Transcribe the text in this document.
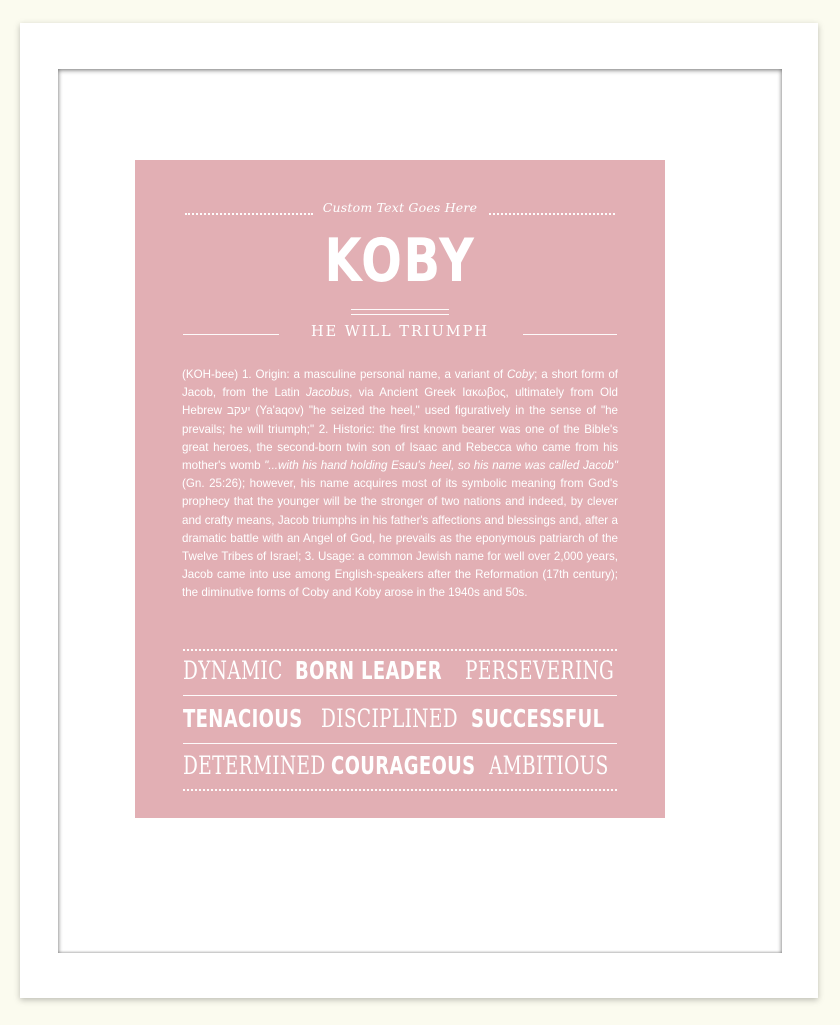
Custom Text Goes Here
KOBY
HE WILL TRIUMPH
(KOH-bee) 1. Origin: a masculine personal name, a variant of Coby; a short form of Jacob, from the Latin Jacobus, via Ancient Greek Ιακωβος, ultimately from Old Hebrew יעקב (Ya'aqov) "he seized the heel," used figuratively in the sense of "he prevails; he will triumph;" 2. Historic: the first known bearer was one of the Bible's great heroes, the second-born twin son of Isaac and Rebecca who came from his mother's womb "...with his hand holding Esau's heel, so his name was called Jacob" (Gn. 25:26); however, his name acquires most of its symbolic meaning from God's prophecy that the younger will be the stronger of two nations and indeed, by clever and crafty means, Jacob triumphs in his father's affections and blessings and, after a dramatic battle with an Angel of God, he prevails as the eponymous patriarch of the Twelve Tribes of Israel; 3. Usage: a common Jewish name for well over 2,000 years, Jacob came into use among English-speakers after the Reformation (17th century); the diminutive forms of Coby and Koby arose in the 1940s and 50s.
DYNAMIC BORN LEADER PERSEVERING
TENACIOUS DISCIPLINED SUCCESSFUL
DETERMINED COURAGEOUS AMBITIOUS
